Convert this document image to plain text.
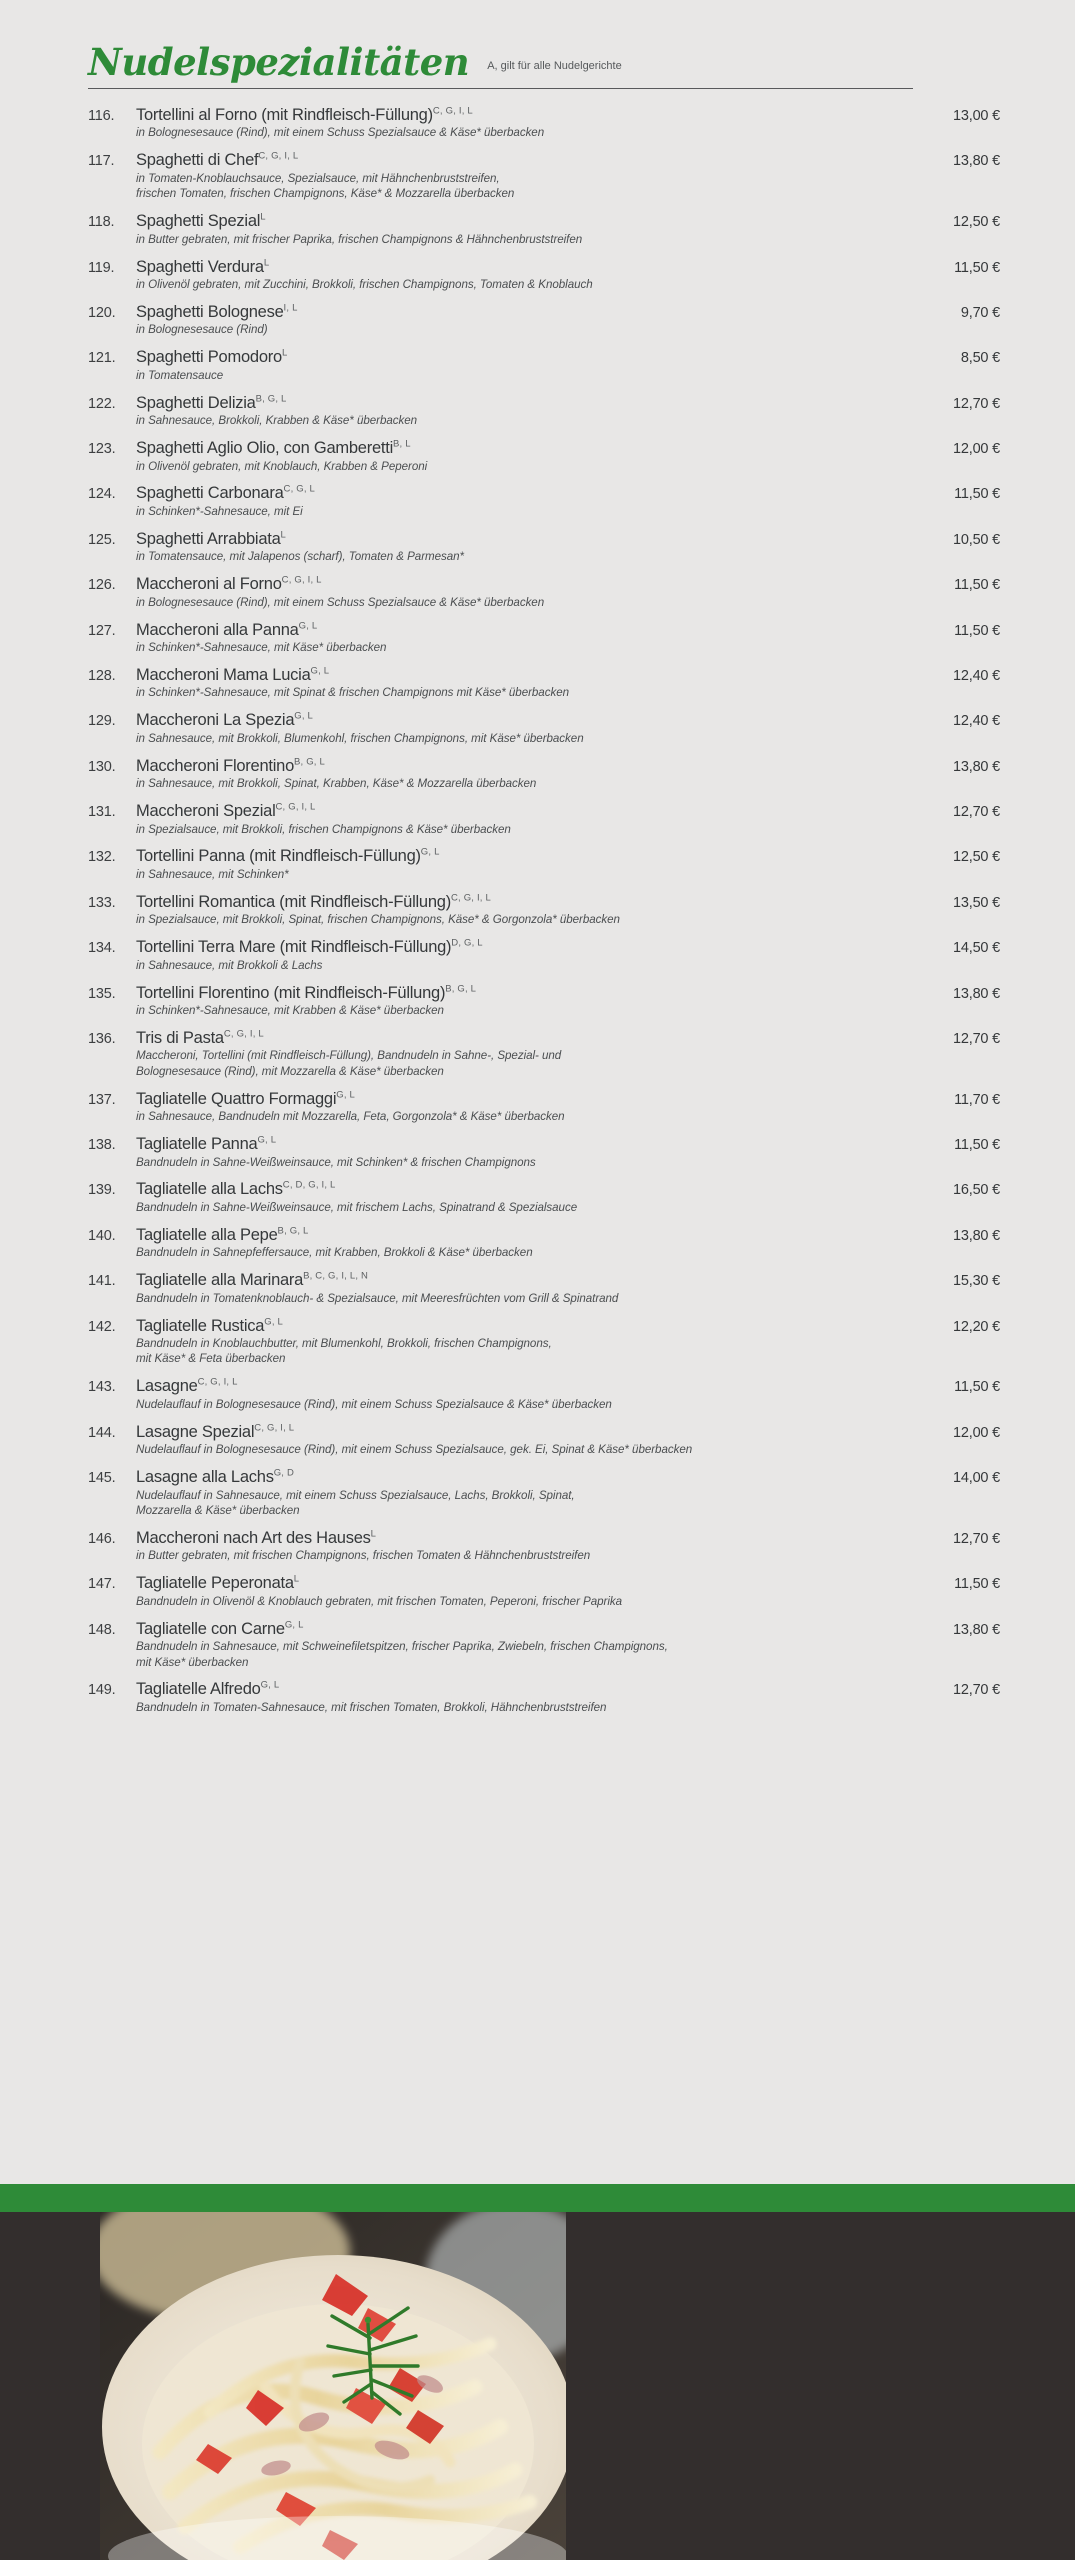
Nudelspezialitäten A, gilt für alle Nudelgerichte
116.	Tortellini al Forno (mit Rindfleisch-Füllung)$^{C, G, I, L}$
in Bolognesesauce (Rind), mit einem Schuss Spezialsauce & Käse* überbacken
13,00 €
117.	Spaghetti di Chef$^{C, G, I, L}$
in Tomaten-Knoblauchsauce, Spezialsauce, mit Hähnchenbruststreifen,
frischen Tomaten, frischen Champignons, Käse* & Mozzarella überbacken
13,80 €
118.	Spaghetti Spezial$^L$
in Butter gebraten, mit frischer Paprika, frischen Champignons & Hähnchenbruststreifen
12,50 €
119.	Spaghetti Verdura$^L$
in Olivenöl gebraten, mit Zucchini, Brokkoli, frischen Champignons, Tomaten & Knoblauch
11,50 €
120.	Spaghetti Bolognese$^{I, L}$
in Bolognesesauce (Rind)
9,70 €
121.	Spaghetti Pomodoro$^L$
in Tomatensauce
8,50 €
122.	Spaghetti Delizia$^{B, G, L}$
in Sahnesauce, Brokkoli, Krabben & Käse* überbacken
12,70 €
123.	Spaghetti Aglio Olio, con Gamberetti$^{B, L}$
in Olivenöl gebraten, mit Knoblauch, Krabben & Peperoni
12,00 €
124.	Spaghetti Carbonara$^{C, G, L}$
in Schinken*-Sahnesauce, mit Ei
11,50 €
125.	Spaghetti Arrabbiata$^L$
in Tomatensauce, mit Jalapenos (scharf), Tomaten & Parmesan*
10,50 €
126.	Maccheroni al Forno$^{C, G, I, L}$
in Bolognesesauce (Rind), mit einem Schuss Spezialsauce & Käse* überbacken
11,50 €
127.	Maccheroni alla Panna$^{G, L}$
in Schinken*-Sahnesauce, mit Käse* überbacken
11,50 €
128.	Maccheroni Mama Lucia$^{G, L}$
in Schinken*-Sahnesauce, mit Spinat & frischen Champignons mit Käse* überbacken
12,40 €
129.	Maccheroni La Spezia$^{G, L}$
in Sahnesauce, mit Brokkoli, Blumenkohl, frischen Champignons, mit Käse* überbacken
12,40 €
130.	Maccheroni Florentino$^{B, G, L}$
in Sahnesauce, mit Brokkoli, Spinat, Krabben, Käse* & Mozzarella überbacken
13,80 €
131.	Maccheroni Spezial$^{C, G, I, L}$
in Spezialsauce, mit Brokkoli, frischen Champignons & Käse* überbacken
12,70 €
132.	Tortellini Panna (mit Rindfleisch-Füllung)$^{G, L}$
in Sahnesauce, mit Schinken*
12,50 €
133.	Tortellini Romantica (mit Rindfleisch-Füllung)$^{C, G, I, L}$
in Spezialsauce, mit Brokkoli, Spinat, frischen Champignons, Käse* & Gorgonzola* überbacken
13,50 €
134.	Tortellini Terra Mare (mit Rindfleisch-Füllung)$^{D, G, L}$
in Sahnesauce, mit Brokkoli & Lachs
14,50 €
135.	Tortellini Florentino (mit Rindfleisch-Füllung)$^{B, G, L}$
in Schinken*-Sahnesauce, mit Krabben & Käse* überbacken
13,80 €
136.	Tris di Pasta$^{C, G, I, L}$
Maccheroni, Tortellini (mit Rindfleisch-Füllung), Bandnudeln in Sahne-, Spezial- und
Bolognesesauce (Rind), mit Mozzarella & Käse* überbacken
12,70 €
137.	Tagliatelle Quattro Formaggi$^{G, L}$
in Sahnesauce, Bandnudeln mit Mozzarella, Feta, Gorgonzola* & Käse* überbacken
11,70 €
138.	Tagliatelle Panna$^{G, L}$
Bandnudeln in Sahne-Weißweinsauce, mit Schinken* & frischen Champignons
11,50 €
139.	Tagliatelle alla Lachs$^{C, D, G, I, L}$
Bandnudeln in Sahne-Weißweinsauce, mit frischem Lachs, Spinatrand & Spezialsauce
16,50 €
140.	Tagliatelle alla Pepe$^{B, G, L}$
Bandnudeln in Sahnepfeffersauce, mit Krabben, Brokkoli & Käse* überbacken
13,80 €
141.	Tagliatelle alla Marinara$^{B, C, G, I, L, N}$
Bandnudeln in Tomatenknoblauch- & Spezialsauce, mit Meeresfrüchten vom Grill & Spinatrand
15,30 €
142.	Tagliatelle Rustica$^{G, L}$
Bandnudeln in Knoblauchbutter, mit Blumenkohl, Brokkoli, frischen Champignons,
mit Käse* & Feta überbacken
12,20 €
143.	Lasagne$^{C, G, I, L}$
Nudelauflauf in Bolognesesauce (Rind), mit einem Schuss Spezialsauce & Käse* überbacken
11,50 €
144.	Lasagne Spezial$^{C, G, I, L}$
Nudelauflauf in Bolognesesauce (Rind), mit einem Schuss Spezialsauce, gek. Ei, Spinat & Käse* überbacken
12,00 €
145.	Lasagne alla Lachs$^{G, D}$
Nudelauflauf in Sahnesauce, mit einem Schuss Spezialsauce, Lachs, Brokkoli, Spinat,
Mozzarella & Käse* überbacken
14,00 €
146.	Maccheroni nach Art des Hauses$^L$
in Butter gebraten, mit frischen Champignons, frischen Tomaten & Hähnchenbruststreifen
12,70 €
147.	Tagliatelle Peperonata$^L$
Bandnudeln in Olivenöl & Knoblauch gebraten, mit frischen Tomaten, Peperoni, frischer Paprika
11,50 €
148.	Tagliatelle con Carne$^{G, L}$
Bandnudeln in Sahnesauce, mit Schweinefiletspitzen, frischer Paprika, Zwiebeln, frischen Champignons,
mit Käse* überbacken
13,80 €
149.	Tagliatelle Alfredo$^{G, L}$
Bandnudeln in Tomaten-Sahnesauce, mit frischen Tomaten, Brokkoli, Hähnchenbruststreifen
12,70 €
